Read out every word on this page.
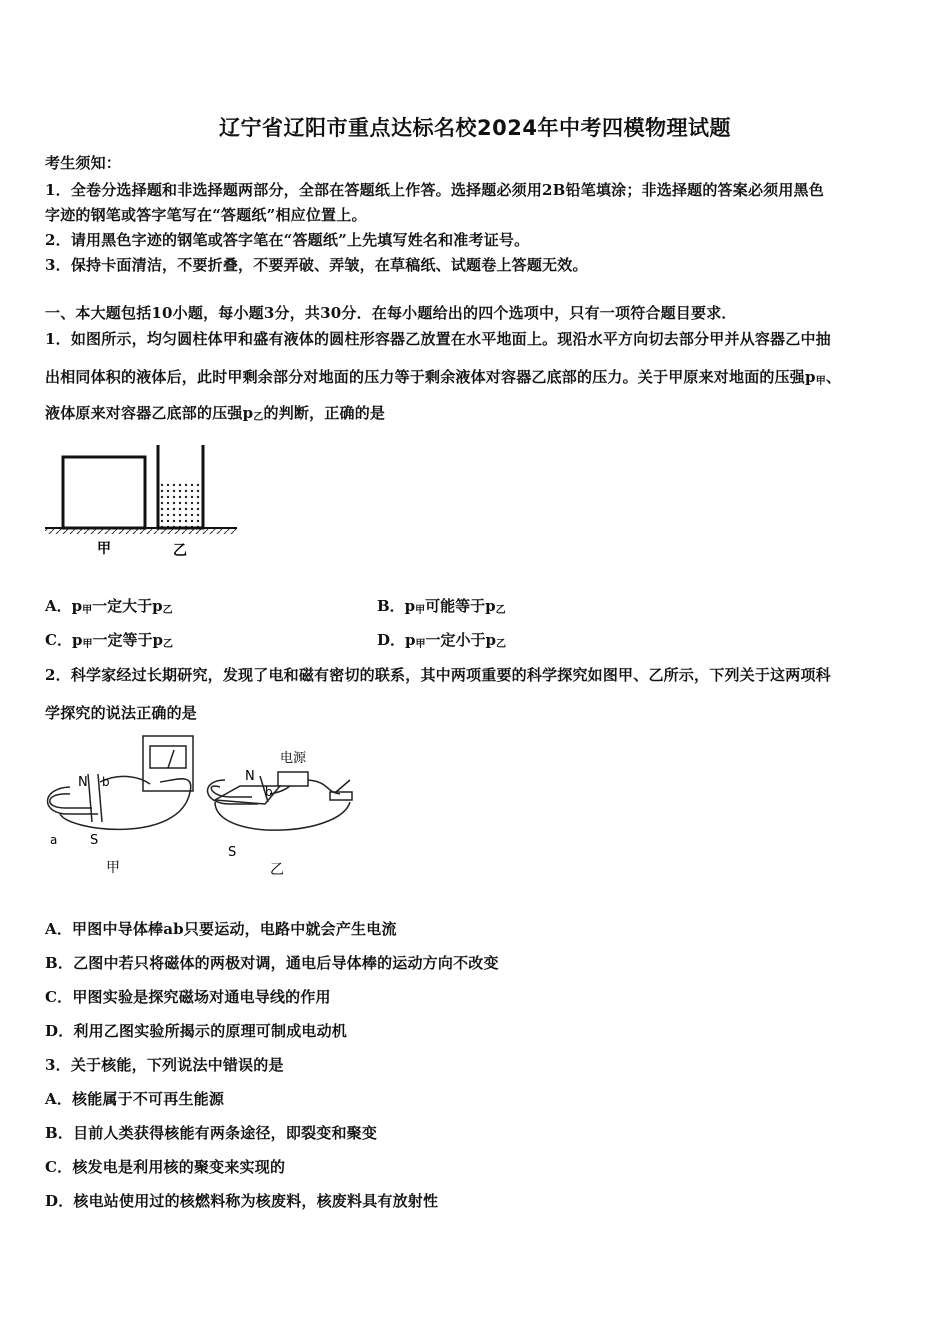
辽宁省辽阳市重点达标名校2024年中考四模物理试题
考生须知：
1．全卷分选择题和非选择题两部分，全部在答题纸上作答。选择题必须用2B铅笔填涂；非选择题的答案必须用黑色
字迹的钢笔或答字笔写在“答题纸”相应位置上。
2．请用黑色字迹的钢笔或答字笔在“答题纸”上先填写姓名和准考证号。
3．保持卡面清洁，不要折叠，不要弄破、弄皱，在草稿纸、试题卷上答题无效。
一、本大题包括10小题，每小题3分，共30分．在每小题给出的四个选项中，只有一项符合题目要求．
1．如图所示，均匀圆柱体甲和盛有液体的圆柱形容器乙放置在水平地面上。现沿水平方向切去部分甲并从容器乙中抽
出相同体积的液体后，此时甲剩余部分对地面的压力等于剩余液体对容器乙底部的压力。关于甲原来对地面的压强$p_甲$、
液体原来对容器乙底部的压强$p_乙$的判断，正确的是
甲	乙
A．$p_甲$一定大于$p_乙$	B．$p_甲$可能等于$p_乙$
C．$p_甲$一定等于$p_乙$	D．$p_甲$一定小于$p_乙$
2．科学家经过长期研究，发现了电和磁有密切的联系，其中两项重要的科学探究如图甲、乙所示，下列关于这两项科
学探究的说法正确的是
N b
a	S
甲
电源
N
b
S
乙
A．甲图中导体棒ab只要运动，电路中就会产生电流
B．乙图中若只将磁体的两极对调，通电后导体棒的运动方向不改变
C．甲图实验是探究磁场对通电导线的作用
D．利用乙图实验所揭示的原理可制成电动机
3．关于核能，下列说法中错误的是
A．核能属于不可再生能源
B．目前人类获得核能有两条途径，即裂变和聚变
C．核发电是利用核的聚变来实现的
D．核电站使用过的核燃料称为核废料，核废料具有放射性
